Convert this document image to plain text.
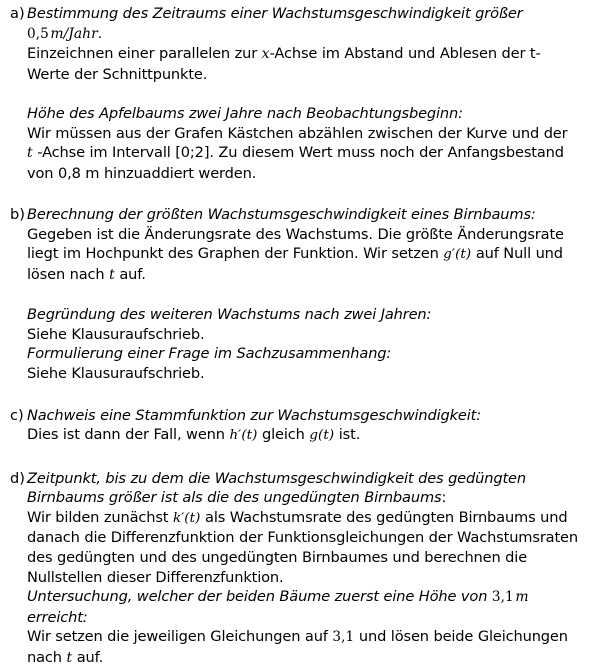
a) Bestimmung des Zeitraums einer Wachstumsgeschwindigkeit größer
0,5 m/Jahr.
Einzeichnen einer parallelen zur x-Achse im Abstand und Ablesen der t-
Werte der Schnittpunkte.
Höhe des Apfelbaums zwei Jahre nach Beobachtungsbeginn:
Wir müssen aus der Grafen Kästchen abzählen zwischen der Kurve und der
t -Achse im Intervall [0;2]. Zu diesem Wert muss noch der Anfangsbestand
von 0,8 m hinzuaddiert werden.
b) Berechnung der größten Wachstumsgeschwindigkeit eines Birnbaums:
Gegeben ist die Änderungsrate des Wachstums. Die größte Änderungsrate
liegt im Hochpunkt des Graphen der Funktion. Wir setzen g′(t) auf Null und
lösen nach t auf.
Begründung des weiteren Wachstums nach zwei Jahren:
Siehe Klausuraufschrieb.
Formulierung einer Frage im Sachzusammenhang:
Siehe Klausuraufschrieb.
c) Nachweis eine Stammfunktion zur Wachstumsgeschwindigkeit:
Dies ist dann der Fall, wenn h′(t) gleich g(t) ist.
d) Zeitpunkt, bis zu dem die Wachstumsgeschwindigkeit des gedüngten
Birnbaums größer ist als die des ungedüngten Birnbaums:
Wir bilden zunächst k′(t) als Wachstumsrate des gedüngten Birnbaums und
danach die Differenzfunktion der Funktionsgleichungen der Wachstumsraten
des gedüngten und des ungedüngten Birnbaumes und berechnen die
Nullstellen dieser Differenzfunktion.
Untersuchung, welcher der beiden Bäume zuerst eine Höhe von 3,1 m
erreicht:
Wir setzen die jeweiligen Gleichungen auf 3,1 und lösen beide Gleichungen
nach t auf.
